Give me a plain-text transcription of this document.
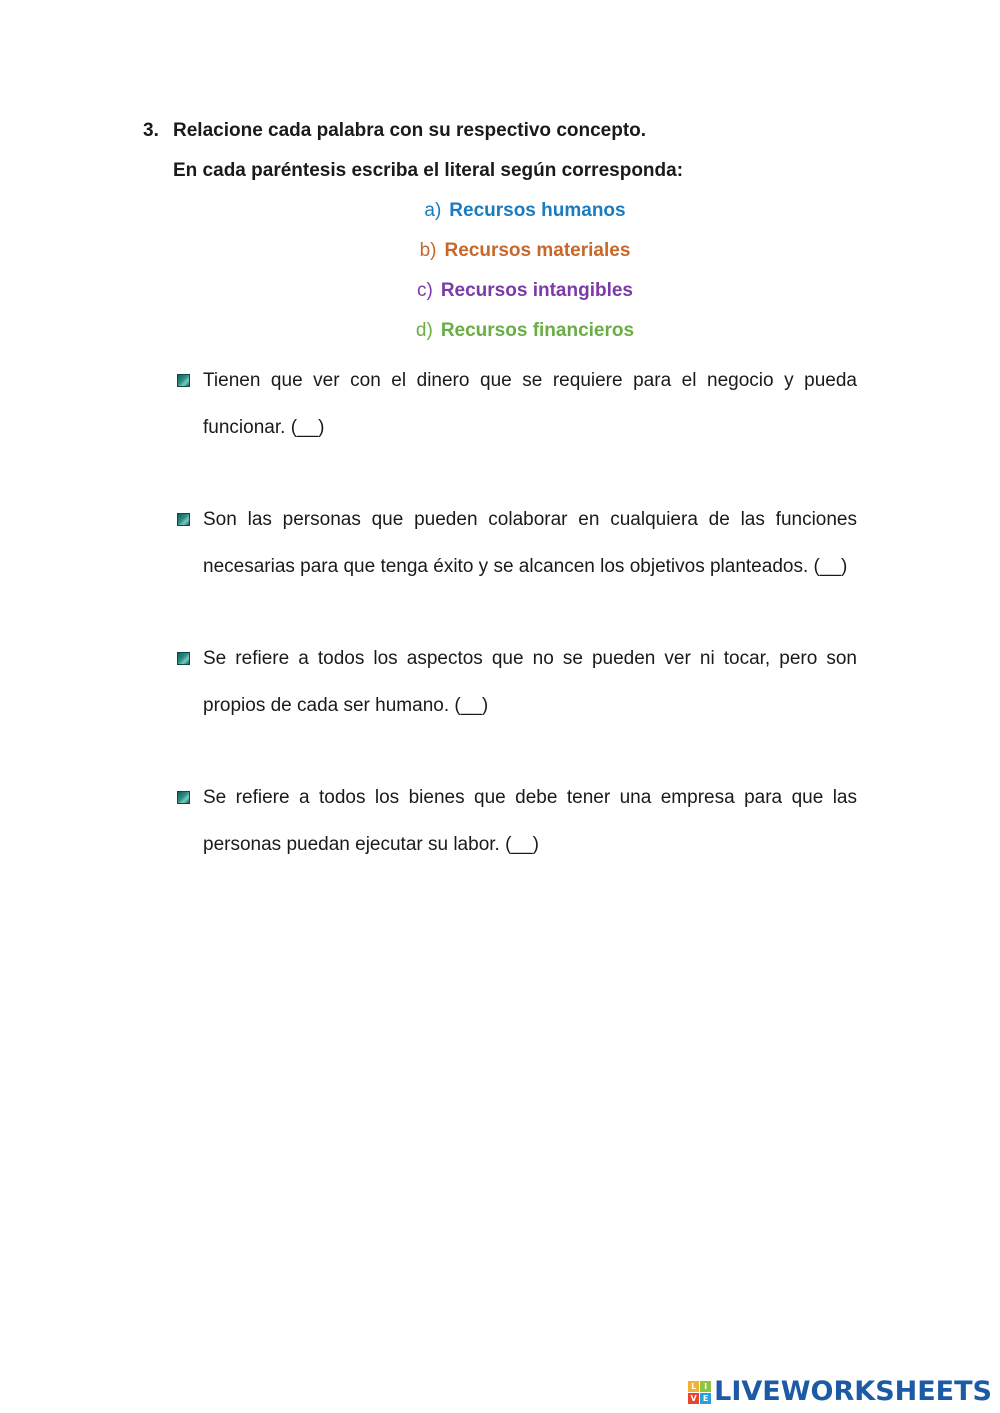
3. Relacione cada palabra con su respectivo concepto.
En cada paréntesis escriba el literal según corresponda:
a) Recursos humanos
b) Recursos materiales
c) Recursos intangibles
d) Recursos financieros
Tienen que ver con el dinero que se requiere para el negocio y pueda funcionar. (__)
Son las personas que pueden colaborar en cualquiera de las funciones necesarias para que tenga éxito y se alcancen los objetivos planteados. (__)
Se refiere a todos los aspectos que no se pueden ver ni tocar, pero son propios de cada ser humano. (__)
Se refiere a todos los bienes que debe tener una empresa para que las personas puedan ejecutar su labor. (__)
L I
V E LIVEWORKSHEETS
